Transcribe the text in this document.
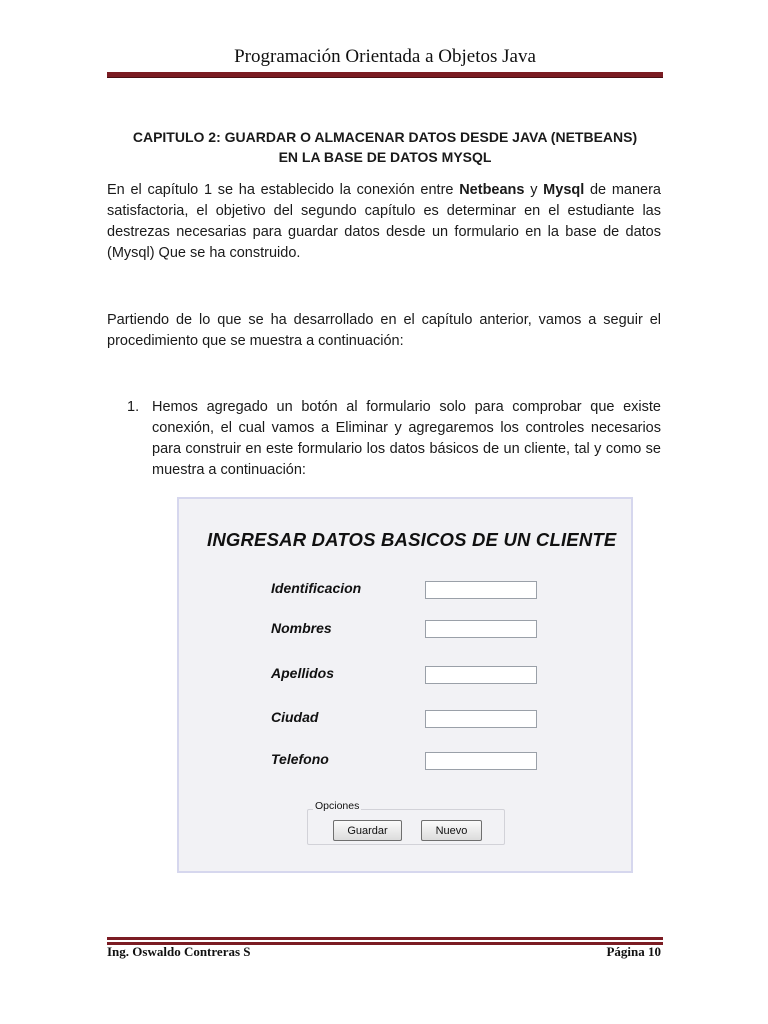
Programación Orientada a Objetos Java
CAPITULO 2: GUARDAR O ALMACENAR DATOS DESDE JAVA (NETBEANS)
EN LA BASE DE DATOS MYSQL

En el capítulo 1 se ha establecido la conexión entre Netbeans y Mysql de manera satisfactoria, el objetivo del segundo capítulo es determinar en el estudiante las destrezas necesarias para guardar datos desde un formulario en la base de datos (Mysql) Que se ha construido.

Partiendo de lo que se ha desarrollado en el capítulo anterior, vamos a seguir el procedimiento que se muestra a continuación:

1. Hemos agregado un botón al formulario solo para comprobar que existe conexión, el cual vamos a Eliminar y agregaremos los controles necesarios para construir en este formulario los datos básicos de un cliente, tal y como se muestra a continuación:
INGRESAR DATOS BASICOS DE UN CLIENTE
Identificacion
Nombres
Apellidos
Ciudad
Telefono
Opciones
Guardar	Nuevo
Ing. Oswaldo Contreras S	Página 10
